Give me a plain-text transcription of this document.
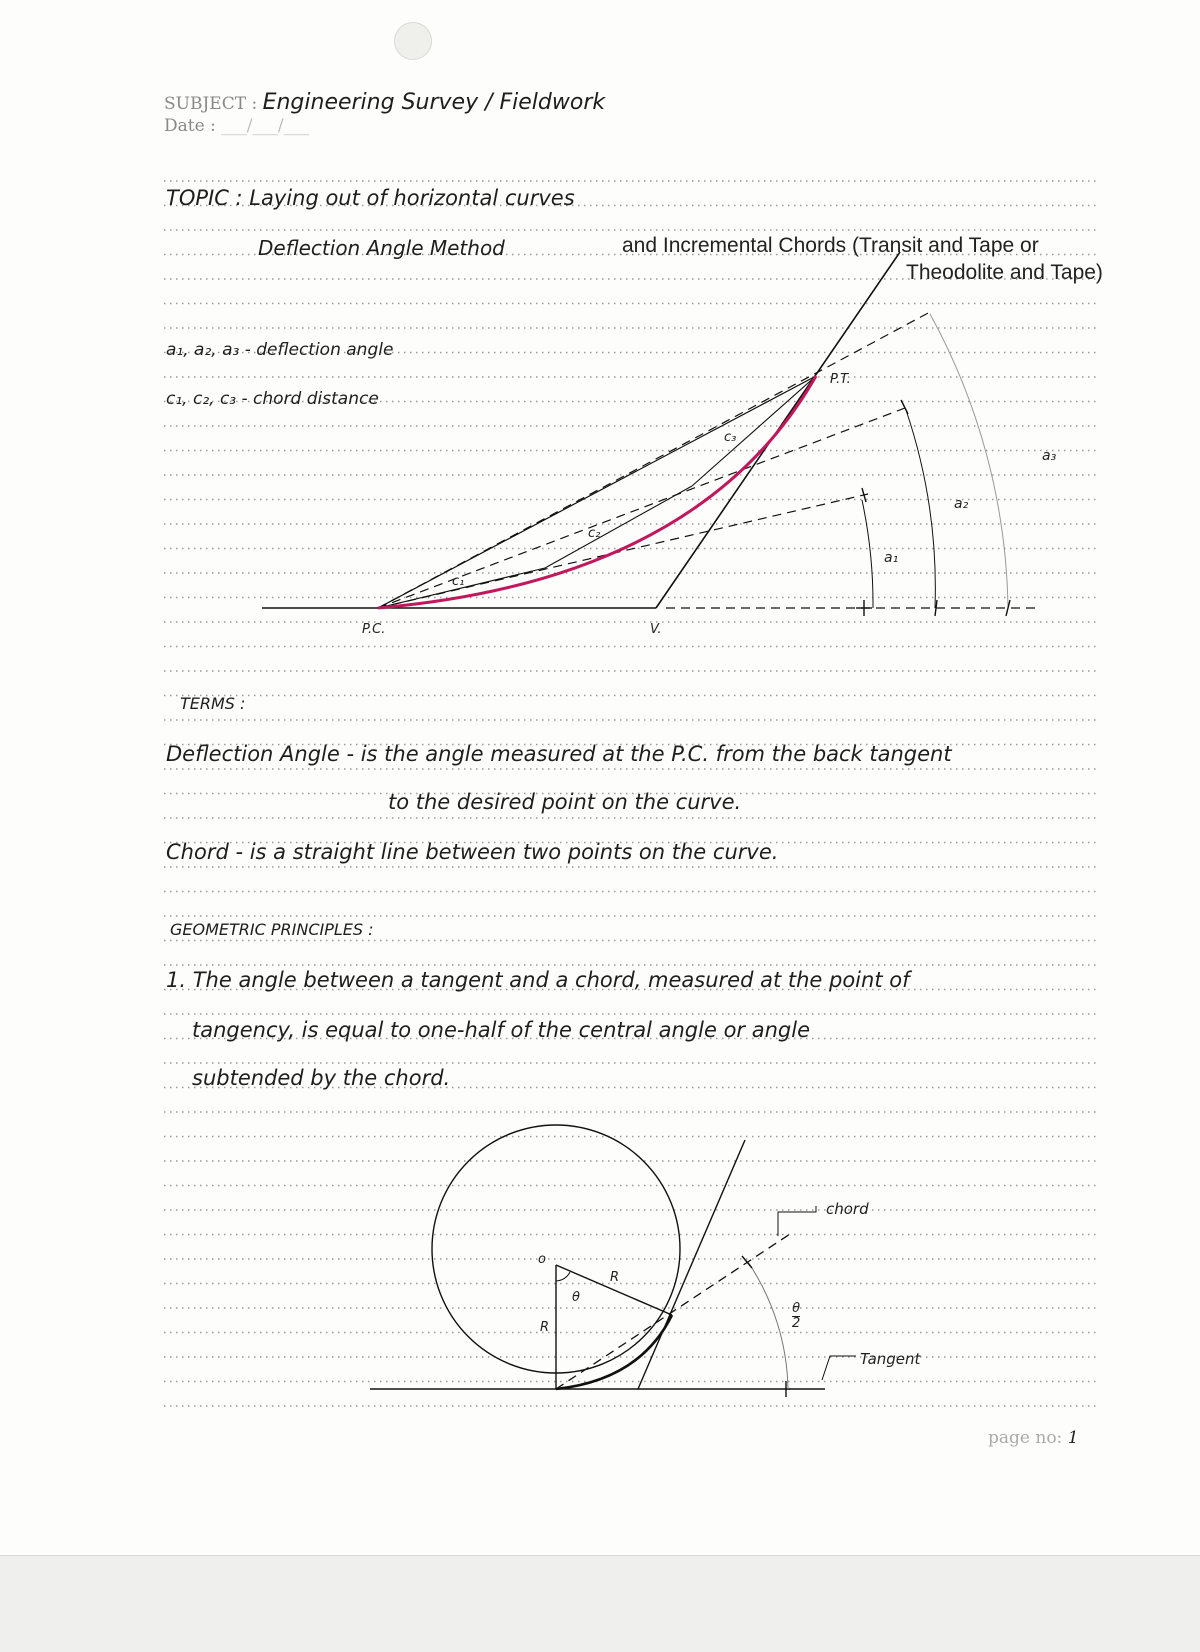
SUBJECT : Engineering Survey / Fieldwork
Date : ___/___/___
TOPIC : Laying out of horizontal curves
Deflection Angle Method	and Incremental Chords (Transit and Tape or
Theodolite and Tape)
a₁, a₂, a₃ - deflection angle
c₁, c₂, c₃ - chord distance
P.T.
P.C.	V.
c₁
c₂
c₃
a₁
a₂
a₃
TERMS :
Deflection Angle - is the angle measured at the P.C. from the back tangent
to the desired point on the curve.
Chord - is a straight line between two points on the curve.
GEOMETRIC PRINCIPLES :
1. The angle between a tangent and a chord, measured at the point of
tangency, is equal to one-half of the central angle or angle
subtended by the chord.
o
R
R
θ
$\frac{\theta}{2}$
chord
Tangent
page no: 1
